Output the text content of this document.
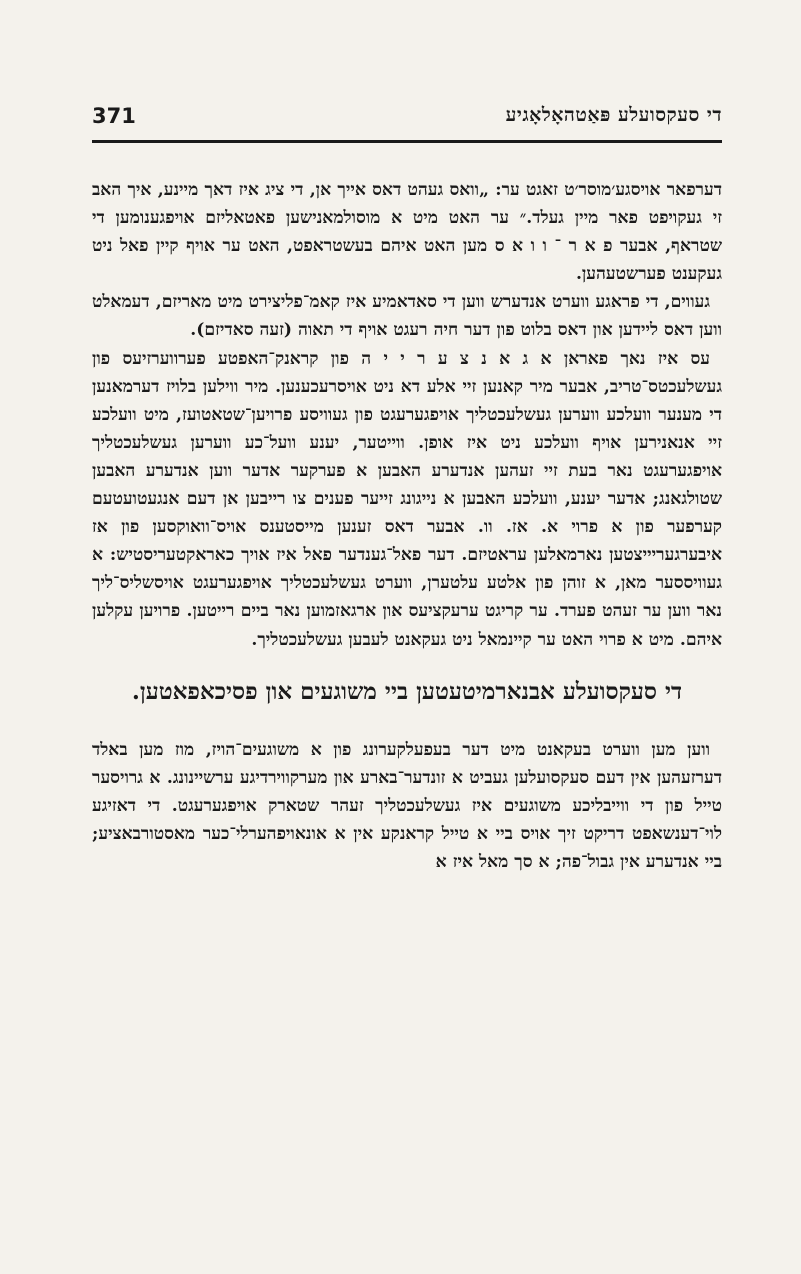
די סעקסועלע פּאַטהאָלאָגיע
371

דערפאר אויסגע׳מוסר׳ט זאגט ער: „וואס געהט דאס אייך אן, די ציג איז דאך מיינע, איך האב זי געקויפט פאר מיין געלד.״ ער האט מיט א מוסולמאנישען פאטאליזם אויפגענומען די שטראף, אבער פ א ר ־ ו ו א ס מען האט איהם בעשטראפט, האט ער אויף קיין פאל ניט געקענט פערשטעהען.

געווים, די פראגע ווערט אנדערש ווען די סאדאמיע איז קאמ־פליצירט מיט מאריזם, דעמאלט ווען דאס ליידען און דאס בלוט פון דער חיה רעגט אויף די תאוה (זעה סאדיזם).

עס איז נאך פאראן א ג א נ צ ע ר י י ה פון קראנק־האפטע פערווערזיעס פון געשלעכטס־טריב, אבער מיר קאנען זיי אלע דא ניט אויסרעכענען. מיר ווילען בלויז דערמאנען די מענער וועלכע ווערען געשלעכטליך אויפגערעגט פון געוויסע פרויען־שטאטועז, מיט וועלכע זיי אנאנירען אויף וועלכע ניט איז אופן. ווייטער, יענע וועל־כע ווערען געשלעכטליך אויפגערעגט נאר בעת זיי זעהען אנדערע האבען א פערקער אדער ווען אנדערע האבען שטולגאנג; אדער יענע, וועלכע האבען א נייגונג זייער פענים צו רייבען אן דעם אנגעטועטעם קערפער פון א פרוי א. אז. וו. אבער דאס זענען מייסטענס אויס־וואוקסען פון אז איבערגעריייצטען נארמאלען עראטיזם. דער פאל־גענדער פאל איז אויך כאראקטעריסטיש: א געוויססער מאן, א זוהן פון אלטע עלטערן, ווערט געשלעכטליך אויפגערעגט אויסשליס־ליך נאר ווען ער זעהט פערד. ער קריגט ערעקציעס און ארגאזמוען נאר ביים רייטען. פרויען עקלען איהם. מיט א פרוי האט ער קיינמאל ניט געקאנט לעבען געשלעכטליך.

די סעקסועלע אבנארמיטעטען ביי משוגעים און פסיכאפאטען.

ווען מען ווערט בעקאנט מיט דער בעפעלקערונג פון א משוגעים־הויז, מוז מען באלד דערזעהען אין דעם סעקסועלען געביט א זונדער־בארע און מערקווירדיגע ערשיינונג. א גרויסער טייל פון די ווייבליכע משוגעים איז געשלעכטליך זעהר שטארק אויפגערעגט. די דאזיגע לוי־דענשאפט דריקט זיך אויס ביי א טייל קראנקע אין א אונאויפהערלי־כער מאסטורבאציע; ביי אנדערע אין גבול־פה; א סך מאל איז א
